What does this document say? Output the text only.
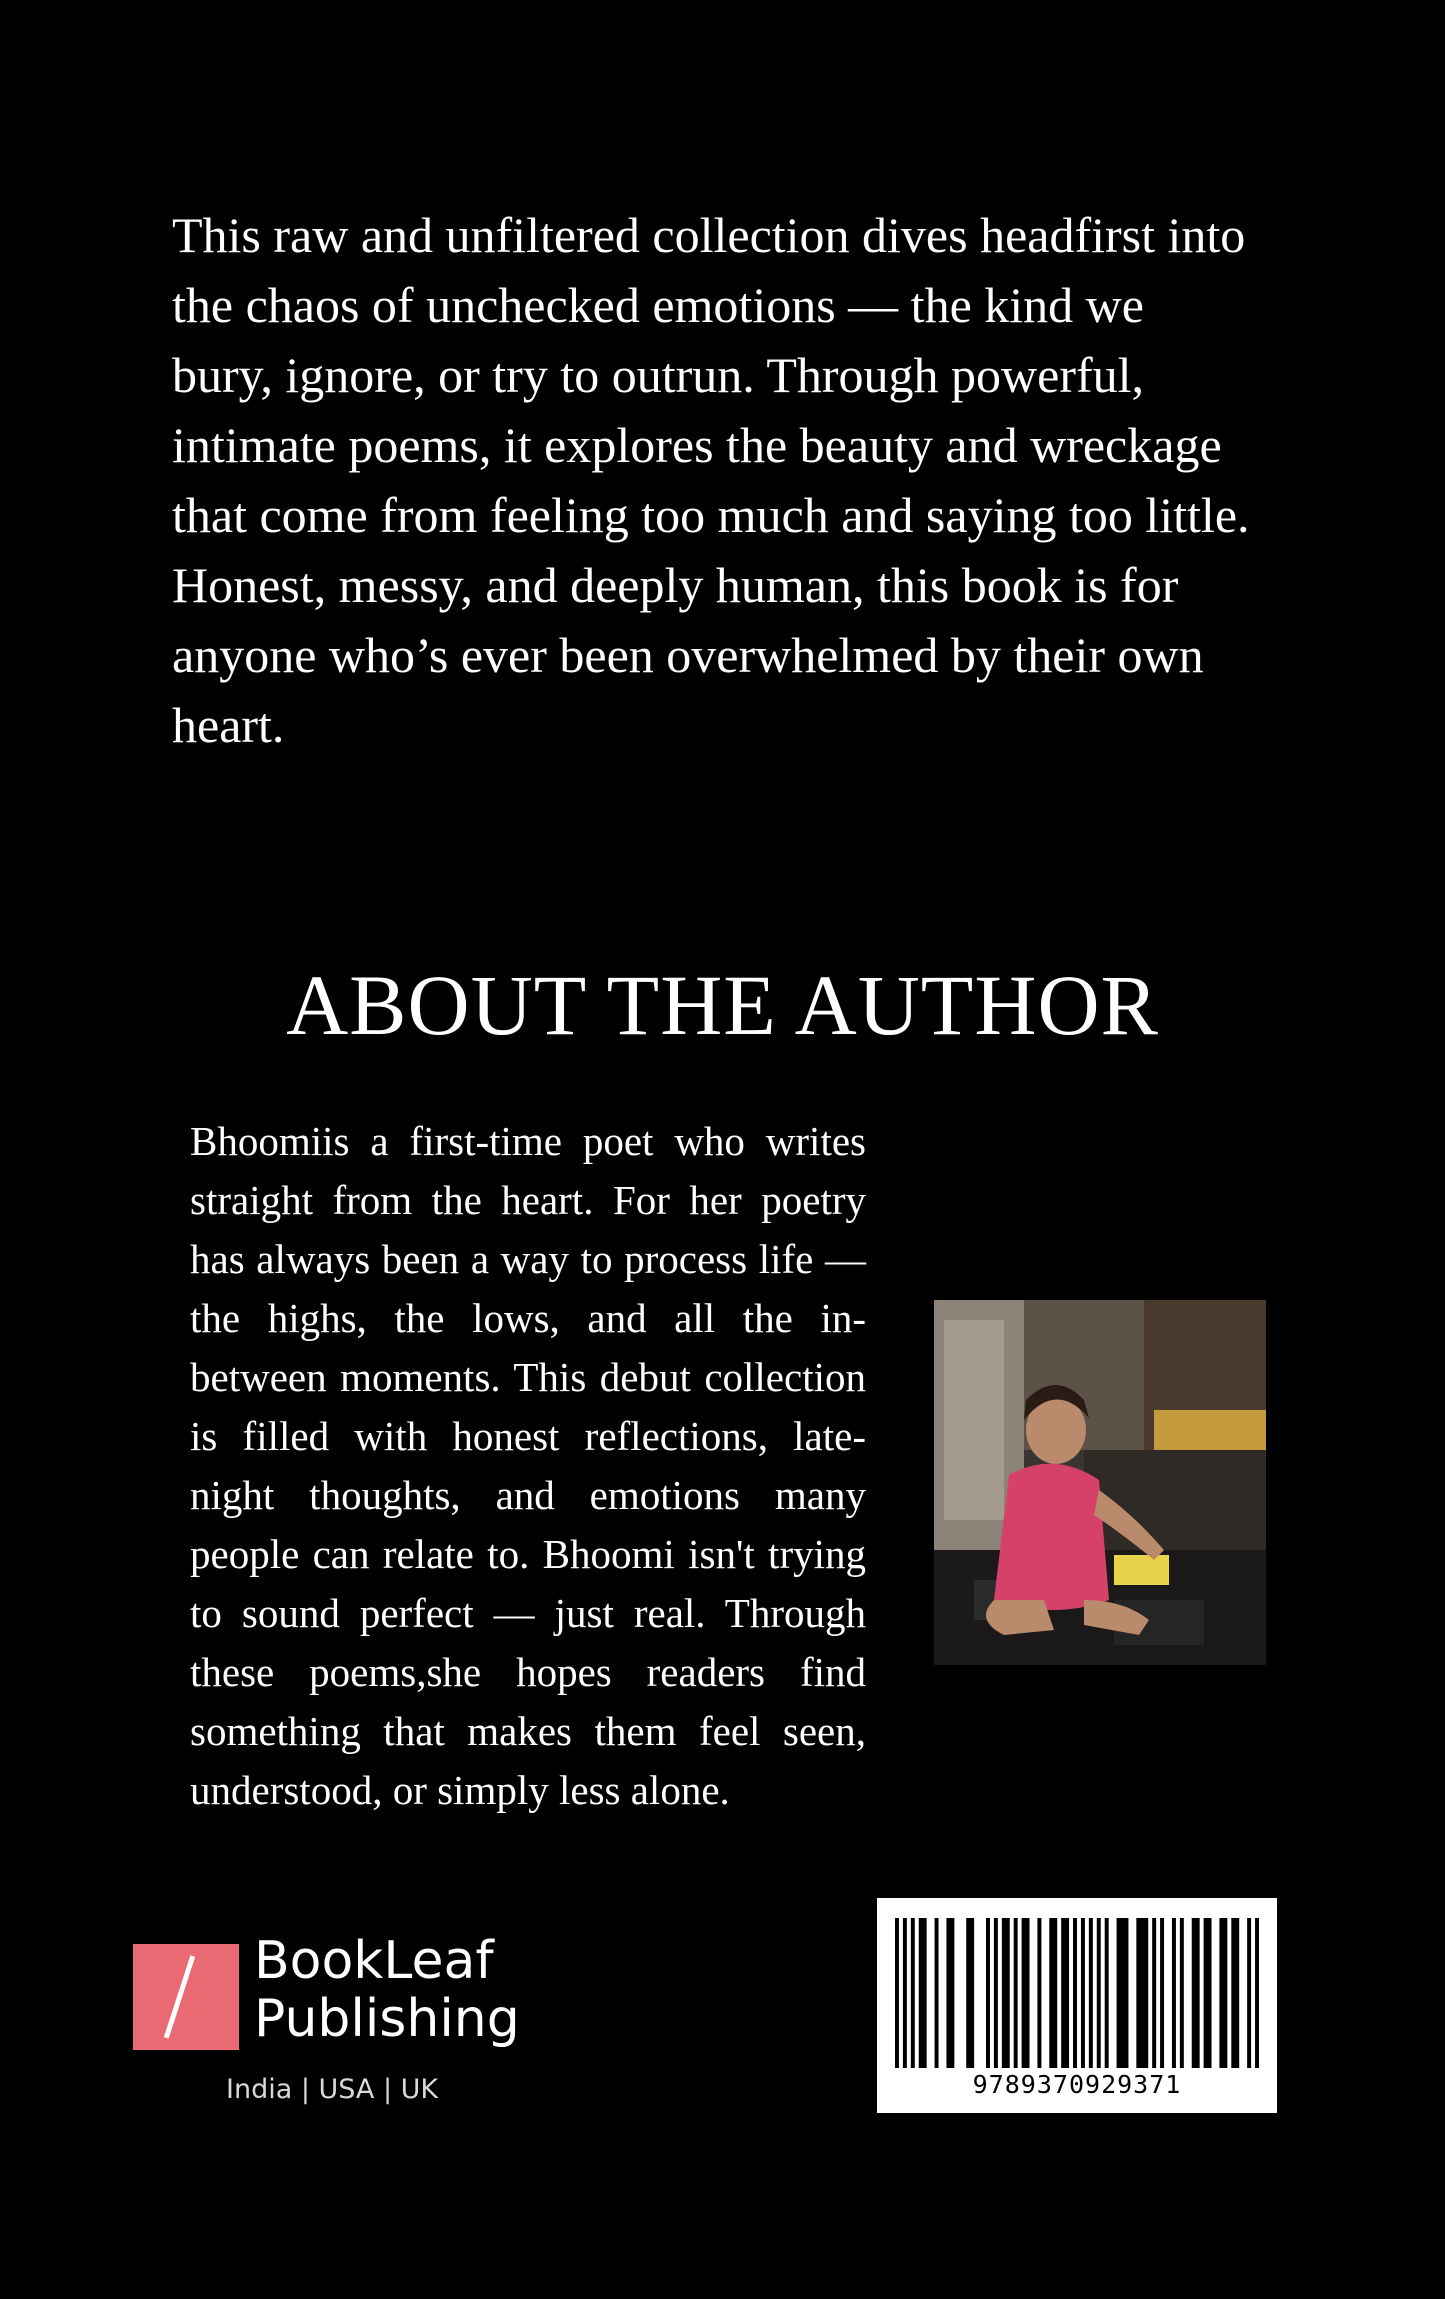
This raw and unfiltered collection dives headfirst into the chaos of unchecked emotions — the kind we bury, ignore, or try to outrun. Through powerful, intimate poems, it explores the beauty and wreckage that come from feeling too much and saying too little. Honest, messy, and deeply human, this book is for anyone who’s ever been overwhelmed by their own heart.

ABOUT THE AUTHOR

Bhoomiis a first-time poet who writes straight from the heart. For her poetry has always been a way to process life — the highs, the lows, and all the in-between moments. This debut collection is filled with honest reflections, late-night thoughts, and emotions many people can relate to. Bhoomi isn't trying to sound perfect — just real. Through these poems,she hopes readers find something that makes them feel seen, understood, or simply less alone.

BookLeaf
Publishing
India | USA | UK	9789370929371
